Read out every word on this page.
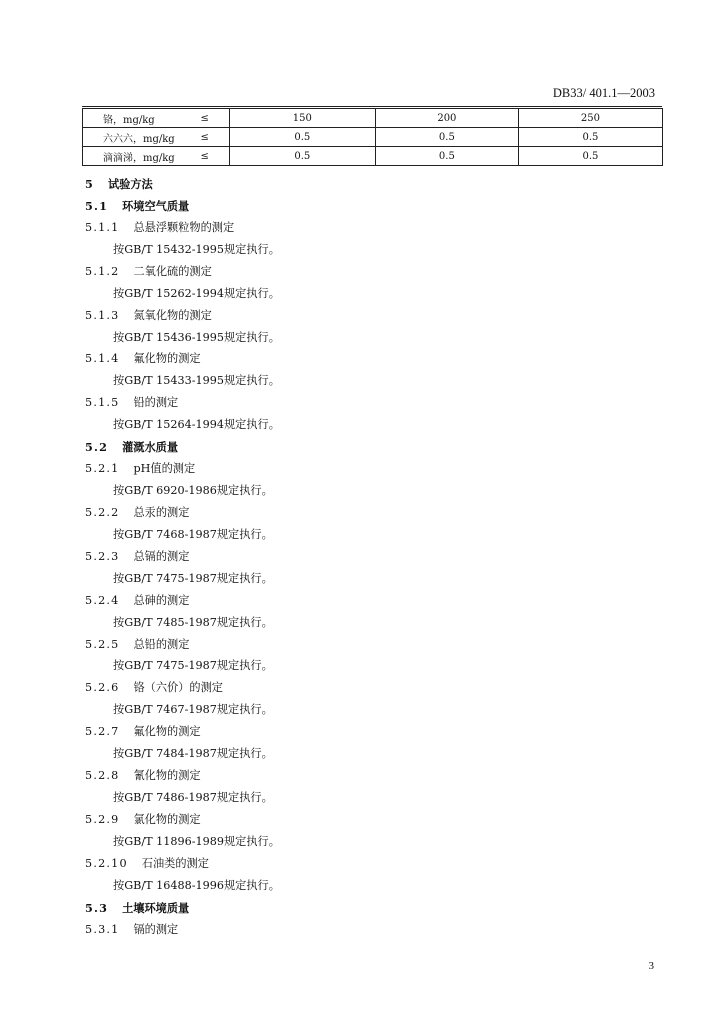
DB33/ 401.1—2003
铬，mg/kg	≤	150	200	250
六六六，mg/kg	≤	0.5	0.5	0.5
滴滴涕，mg/kg	≤	0.5	0.5	0.5
5 试验方法
5.1 环境空气质量
5.1.1 总悬浮颗粒物的测定
按GB/T 15432-1995规定执行。
5.1.2 二氧化硫的测定
按GB/T 15262-1994规定执行。
5.1.3 氮氧化物的测定
按GB/T 15436-1995规定执行。
5.1.4 氟化物的测定
按GB/T 15433-1995规定执行。
5.1.5 铅的测定
按GB/T 15264-1994规定执行。
5.2 灌溉水质量
5.2.1 pH值的测定
按GB/T 6920-1986规定执行。
5.2.2 总汞的测定
按GB/T 7468-1987规定执行。
5.2.3 总镉的测定
按GB/T 7475-1987规定执行。
5.2.4 总砷的测定
按GB/T 7485-1987规定执行。
5.2.5 总铅的测定
按GB/T 7475-1987规定执行。
5.2.6 铬（六价）的测定
按GB/T 7467-1987规定执行。
5.2.7 氟化物的测定
按GB/T 7484-1987规定执行。
5.2.8 氰化物的测定
按GB/T 7486-1987规定执行。
5.2.9 氯化物的测定
按GB/T 11896-1989规定执行。
5.2.10 石油类的测定
按GB/T 16488-1996规定执行。
5.3 土壤环境质量
5.3.1 镉的测定
3
